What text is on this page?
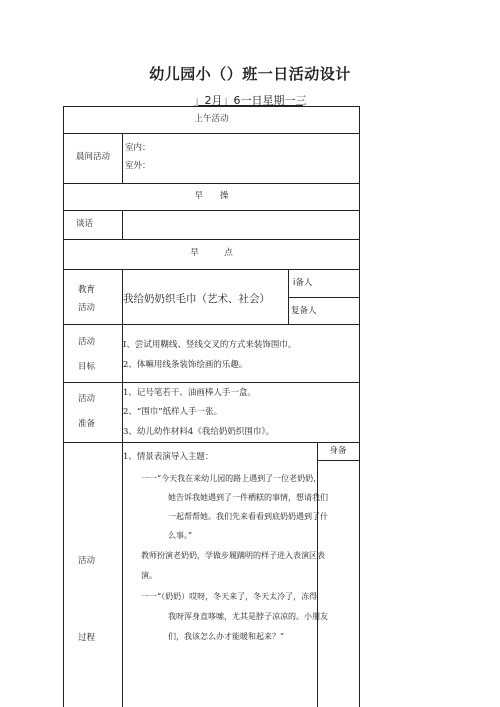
幼儿园小（）班一日活动设计
」2月」6一日星期一三
上午活动
晨间活动
室内：
室外：
早　　操
谈话
早　　　点
教育
活动
我给奶奶织毛巾（艺术、社会）
i备人
复备人
活动
目标
I、尝试用糊线、竖线交叉的方式来装饰围巾。
2、体嘛用线条装饰绘画的乐趣。
活动
准备
1、记号笔若干、油画棒人手一盒。
2、“围巾”纸样人手一张。
3、幼儿幼作材料4《我给奶奶织围巾》。
活动
过程
身备
1、情景表演导入主题：
一一“今天我在来幼儿园的路上遇到了一位老奶奶，
她告诉我她遇到了一件栖糕的事情，想请我们
一起帮帮她。我们先来看看到底奶奶遇到了什
么事。”
教师扮演老奶奶，学做步履蹒明的样子进入表演区表
演。
一一“（奶奶）哎呀，冬天来了，冬天太冷了，冻得
我呀浑身直哆嗦，尤其是脖子凉凉的。小朋友
们，我该怎么办才能暖和起来？”
